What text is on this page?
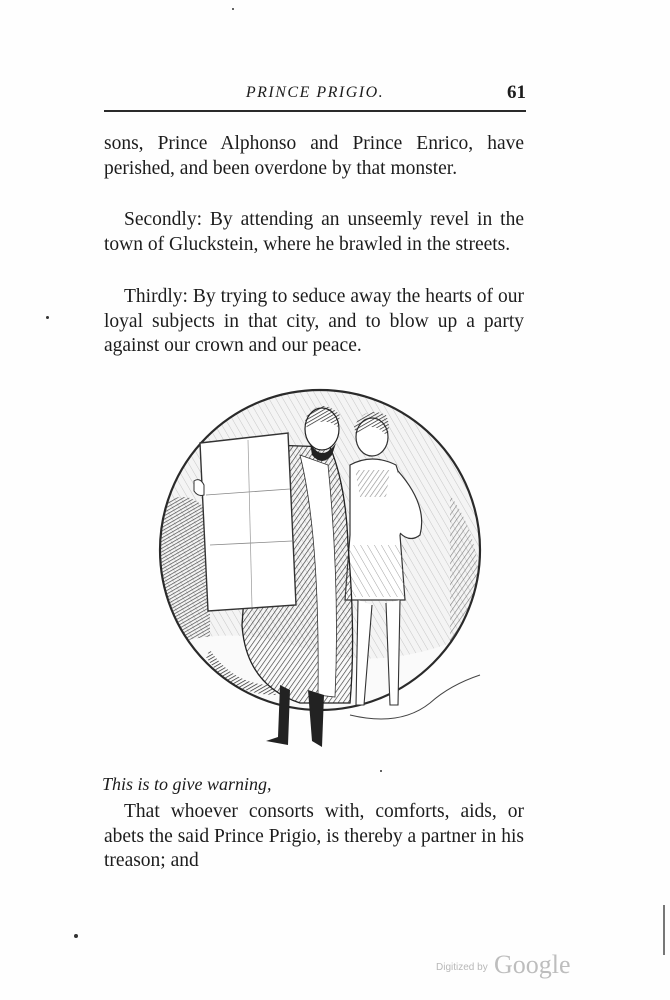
PRINCE PRIGIO.	61

sons, Prince Alphonso and Prince Enrico, have perished, and been overdone by that monster.

Secondly: By attending an unseemly revel in the town of Gluckstein, where he brawled in the streets.

Thirdly: By trying to seduce away the hearts of our loyal subjects in that city, and to blow up a party against our crown and our peace.

This is to give warning,

That whoever consorts with, comforts, aids, or abets the said Prince Prigio, is thereby a partner in his treason; and

Digitized by Google
